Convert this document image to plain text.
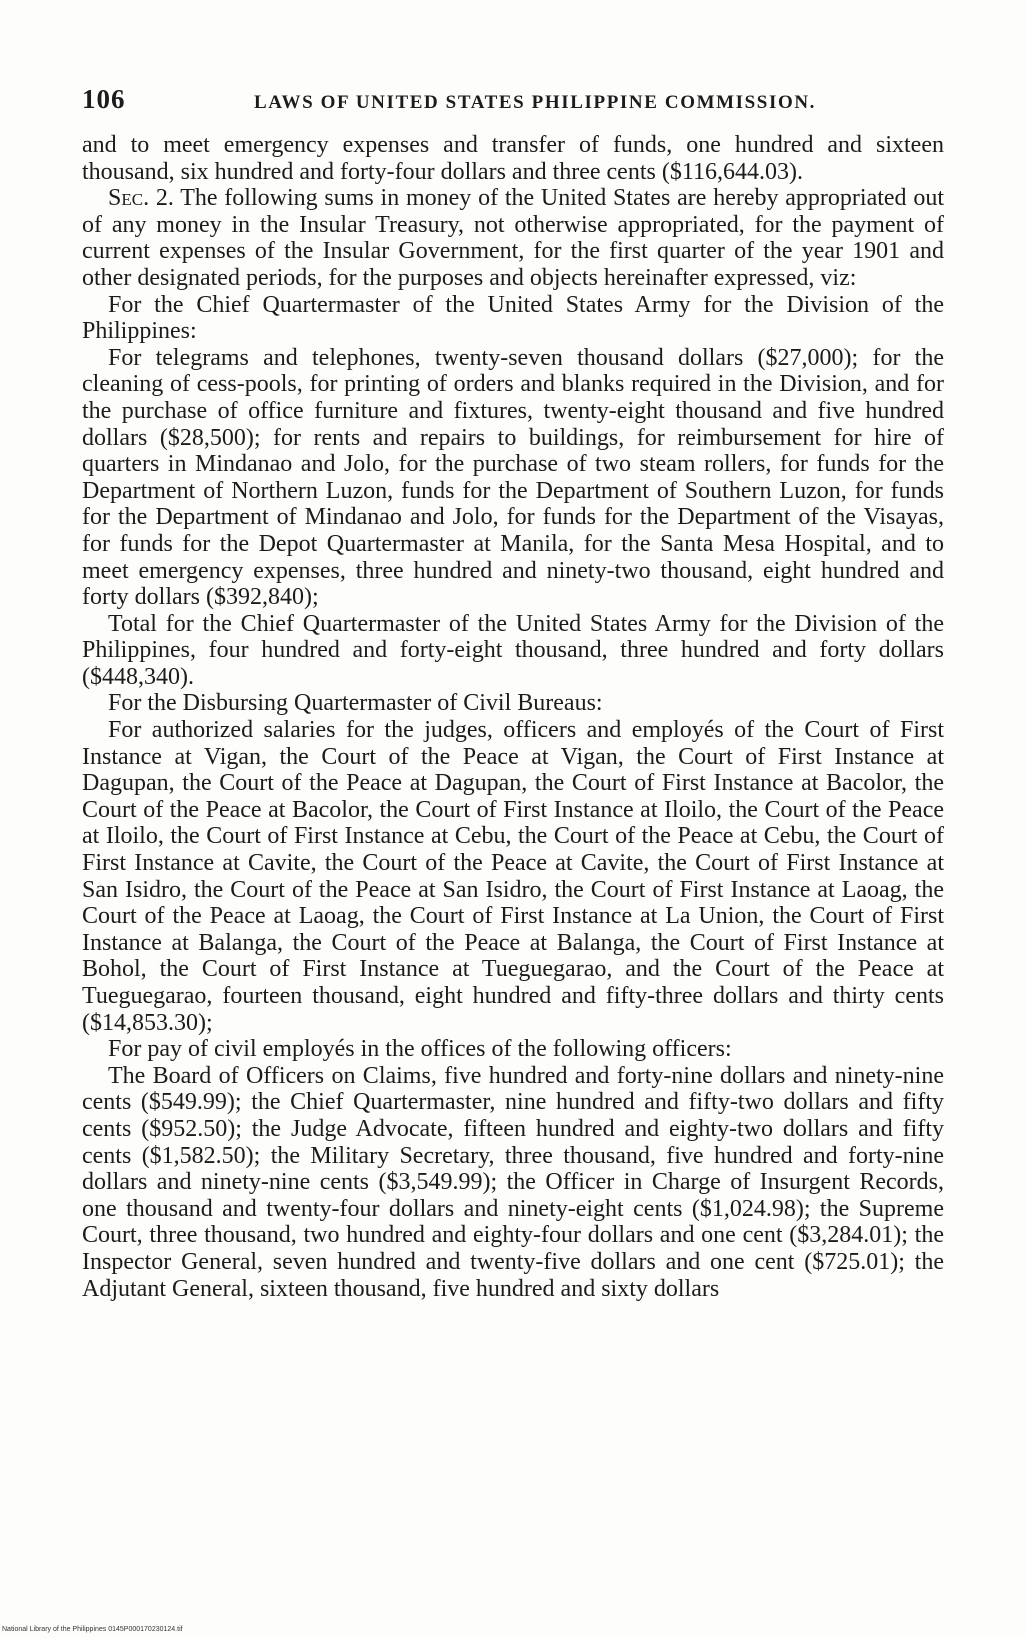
106	LAWS OF UNITED STATES PHILIPPINE COMMISSION.

and to meet emergency expenses and transfer of funds, one hundred and sixteen thousand, six hundred and forty-four dollars and three cents ($116,644.03).

Sec. 2. The following sums in money of the United States are hereby appropriated out of any money in the Insular Treasury, not otherwise appropriated, for the payment of current expenses of the Insular Government, for the first quarter of the year 1901 and other designated periods, for the purposes and objects hereinafter expressed, viz:

For the Chief Quartermaster of the United States Army for the Division of the Philippines:

For telegrams and telephones, twenty-seven thousand dollars ($27,000); for the cleaning of cess-pools, for printing of orders and blanks required in the Division, and for the purchase of office furniture and fixtures, twenty-eight thousand and five hundred dollars ($28,500); for rents and repairs to buildings, for reimbursement for hire of quarters in Mindanao and Jolo, for the purchase of two steam rollers, for funds for the Department of Northern Luzon, funds for the Department of Southern Luzon, for funds for the Department of Mindanao and Jolo, for funds for the Department of the Visayas, for funds for the Depot Quartermaster at Manila, for the Santa Mesa Hospital, and to meet emergency expenses, three hundred and ninety-two thousand, eight hundred and forty dollars ($392,840);

Total for the Chief Quartermaster of the United States Army for the Division of the Philippines, four hundred and forty-eight thousand, three hundred and forty dollars ($448,340).

For the Disbursing Quartermaster of Civil Bureaus:

For authorized salaries for the judges, officers and employés of the Court of First Instance at Vigan, the Court of the Peace at Vigan, the Court of First Instance at Dagupan, the Court of the Peace at Dagupan, the Court of First Instance at Bacolor, the Court of the Peace at Bacolor, the Court of First Instance at Iloilo, the Court of the Peace at Iloilo, the Court of First Instance at Cebu, the Court of the Peace at Cebu, the Court of First Instance at Cavite, the Court of the Peace at Cavite, the Court of First Instance at San Isidro, the Court of the Peace at San Isidro, the Court of First Instance at Laoag, the Court of the Peace at Laoag, the Court of First Instance at La Union, the Court of First Instance at Balanga, the Court of the Peace at Balanga, the Court of First Instance at Bohol, the Court of First Instance at Tueguegarao, and the Court of the Peace at Tueguegarao, fourteen thousand, eight hundred and fifty-three dollars and thirty cents ($14,853.30);

For pay of civil employés in the offices of the following officers:

The Board of Officers on Claims, five hundred and forty-nine dollars and ninety-nine cents ($549.99); the Chief Quartermaster, nine hundred and fifty-two dollars and fifty cents ($952.50); the Judge Advocate, fifteen hundred and eighty-two dollars and fifty cents ($1,582.50); the Military Secretary, three thousand, five hundred and forty-nine dollars and ninety-nine cents ($3,549.99); the Officer in Charge of Insurgent Records, one thousand and twenty-four dollars and ninety-eight cents ($1,024.98); the Supreme Court, three thousand, two hundred and eighty-four dollars and one cent ($3,284.01); the Inspector General, seven hundred and twenty-five dollars and one cent ($725.01); the Adjutant General, sixteen thousand, five hundred and sixty dollars

National Library of the Philippines 0145P000170230124.tif
